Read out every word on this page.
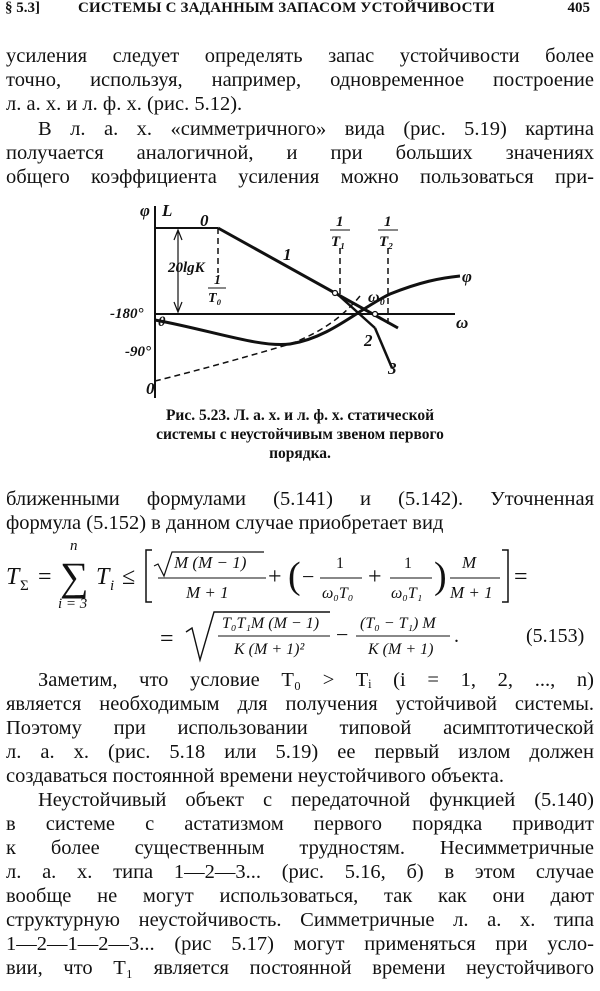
§ 5.3]	СИСТЕМЫ С ЗАДАННЫМ ЗАПАСОМ УСТОЙЧИВОСТИ	405
усиления следует определять запас устойчивости более
точно, используя, например, одновременное построение
л. а. х. и л. ф. х. (рис. 5.12).
В л. а. х. «симметричного» вида (рис. 5.19) картина
получается аналогичной, и при больших значениях
общего коэффициента усиления можно пользоваться при-
φ L
0
1
1
T₁
1
T₂
20lgK
1
T₀	ω₀
φ
-180° 0	ω
2
-90°
3
0
Рис. 5.23. Л. а. х. и л. ф. х. статической
системы с неустойчивым звеном первого
порядка.
ближенными формулами (5.141) и (5.142). Уточненная
формула (5.152) в данном случае приобретает вид
T Σ =
n
∑
i = 3
T i ≤
M (M − 1)
M + 1
+ ( −
1
ω₀T₀
+
1
ω₀T₁ ) M
M + 1
=
=
T₀T₁M (M − 1)
K (M + 1)²
− (T₀ − T₁) M
K (M + 1)
.	(5.153)
Заметим, что условие T₀ > Tᵢ (i = 1, 2, ..., n)
является необходимым для получения устойчивой системы.
Поэтому при использовании типовой асимптотической
л. а. х. (рис. 5.18 или 5.19) ее первый излом должен
создаваться постоянной времени неустойчивого объекта.
Неустойчивый объект с передаточной функцией (5.140)
в системе с астатизмом первого порядка приводит
к более существенным трудностям. Несимметричные
л. а. х. типа 1—2—3... (рис. 5.16, б) в этом случае
вообще не могут использоваться, так как они дают
структурную неустойчивость. Симметричные л. а. х. типа
1—2—1—2—3... (рис 5.17) могут применяться при усло-
вии, что T₁ является постоянной времени неустойчивого
